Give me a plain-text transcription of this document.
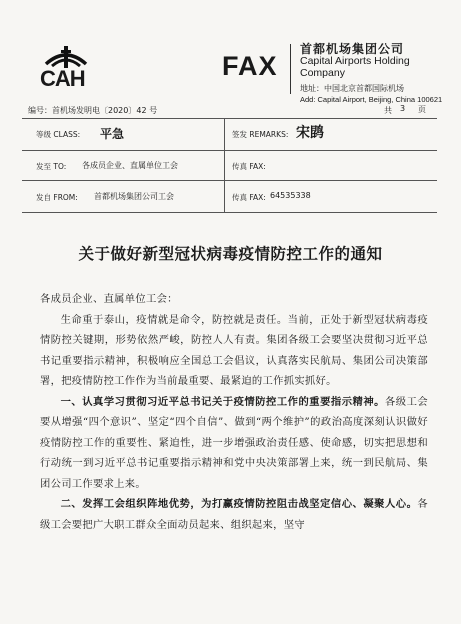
CAH	FAX
首都机场集团公司
Capital Airports Holding
Company
地址：中国北京首都国际机场
Add: Capital Airport, Beijing, China 100621
编号：首机场发明电〔2020〕42 号	共 3 页
等级 CLASS: 平急	签发 REMARKS: 宋鹍
发至 TO: 各成员企业、直属单位工会	传真 FAX:
发自 FROM: 首都机场集团公司工会	传真 FAX: 64535338
关于做好新型冠状病毒疫情防控工作的通知

各成员企业、直属单位工会：

生命重于泰山，疫情就是命令，防控就是责任。当前，正处于新型冠状病毒疫情防控关键期，形势依然严峻，防控人人有责。集团各级工会要坚决贯彻习近平总书记重要指示精神，积极响应全国总工会倡议，认真落实民航局、集团公司决策部署，把疫情防控工作作为当前最重要、最紧迫的工作抓实抓好。

一、认真学习贯彻习近平总书记关于疫情防控工作的重要指示精神。各级工会要从增强“四个意识”、坚定“四个自信”、做到“两个维护”的政治高度深刻认识做好疫情防控工作的重要性、紧迫性，进一步增强政治责任感、使命感，切实把思想和行动统一到习近平总书记重要指示精神和党中央决策部署上来，统一到民航局、集团公司工作要求上来。

二、发挥工会组织阵地优势，为打赢疫情防控阻击战坚定信心、凝聚人心。各级工会要把广大职工群众全面动员起来、组织起来，坚守
